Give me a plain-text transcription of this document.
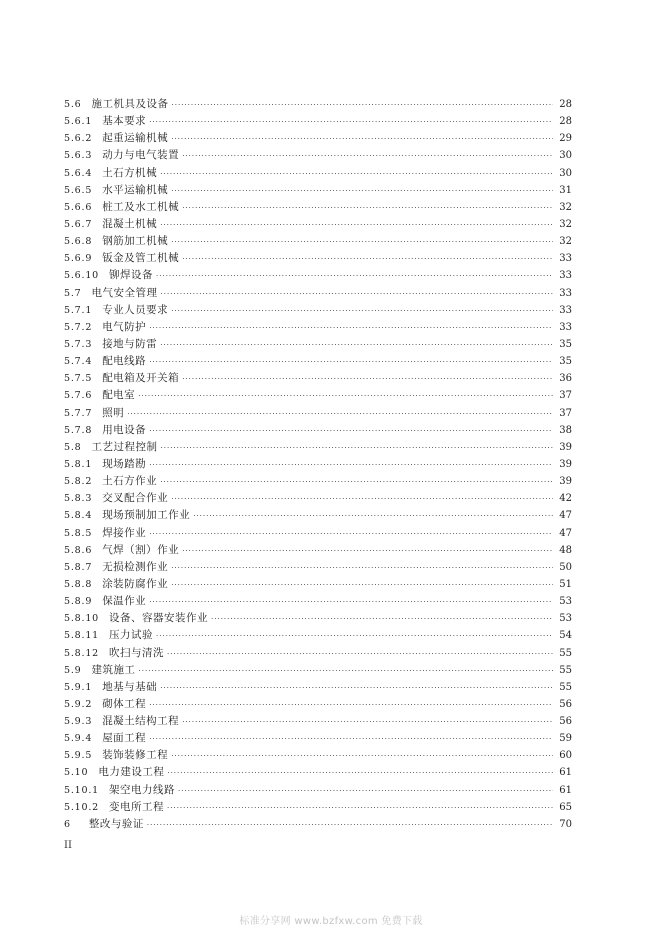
5.6 施工机具及设备 ·····	28
5.6.1 基本要求 ·····	28
5.6.2 起重运输机械 ·····	29
5.6.3 动力与电气装置 ·····	30
5.6.4 土石方机械 ·····	30
5.6.5 水平运输机械 ·····	31
5.6.6 桩工及水工机械 ·····	32
5.6.7 混凝土机械 ·····	32
5.6.8 钢筋加工机械 ·····	32
5.6.9 钣金及管工机械 ·····	33
5.6.10 铆焊设备 ·····	33
5.7 电气安全管理 ·····	33
5.7.1 专业人员要求 ·····	33
5.7.2 电气防护 ·····	33
5.7.3 接地与防雷 ·····	35
5.7.4 配电线路 ·····	35
5.7.5 配电箱及开关箱 ·····	36
5.7.6 配电室 ·····	37
5.7.7 照明 ·····	37
5.7.8 用电设备 ·····	38
5.8 工艺过程控制 ·····	39
5.8.1 现场踏勘 ·····	39
5.8.2 土石方作业 ·····	39
5.8.3 交叉配合作业 ·····	42
5.8.4 现场预制加工作业 ·····	47
5.8.5 焊接作业 ·····	47
5.8.6 气焊（割）作业 ·····	48
5.8.7 无损检测作业 ·····	50
5.8.8 涂装防腐作业 ·····	51
5.8.9 保温作业 ·····	53
5.8.10 设备、容器安装作业 ·····	53
5.8.11 压力试验 ·····	54
5.8.12 吹扫与清洗 ·····	55
5.9 建筑施工 ·····	55
5.9.1 地基与基础 ·····	55
5.9.2 砌体工程 ·····	56
5.9.3 混凝土结构工程 ·····	56
5.9.4 屋面工程 ·····	59
5.9.5 装饰装修工程 ·····	60
5.10 电力建设工程 ·····	61
5.10.1 架空电力线路 ·····	61
5.10.2 变电所工程 ·····	65
6 整改与验证 ·····	70
II
标准分享网 www.bzfxw.com 免费下载
